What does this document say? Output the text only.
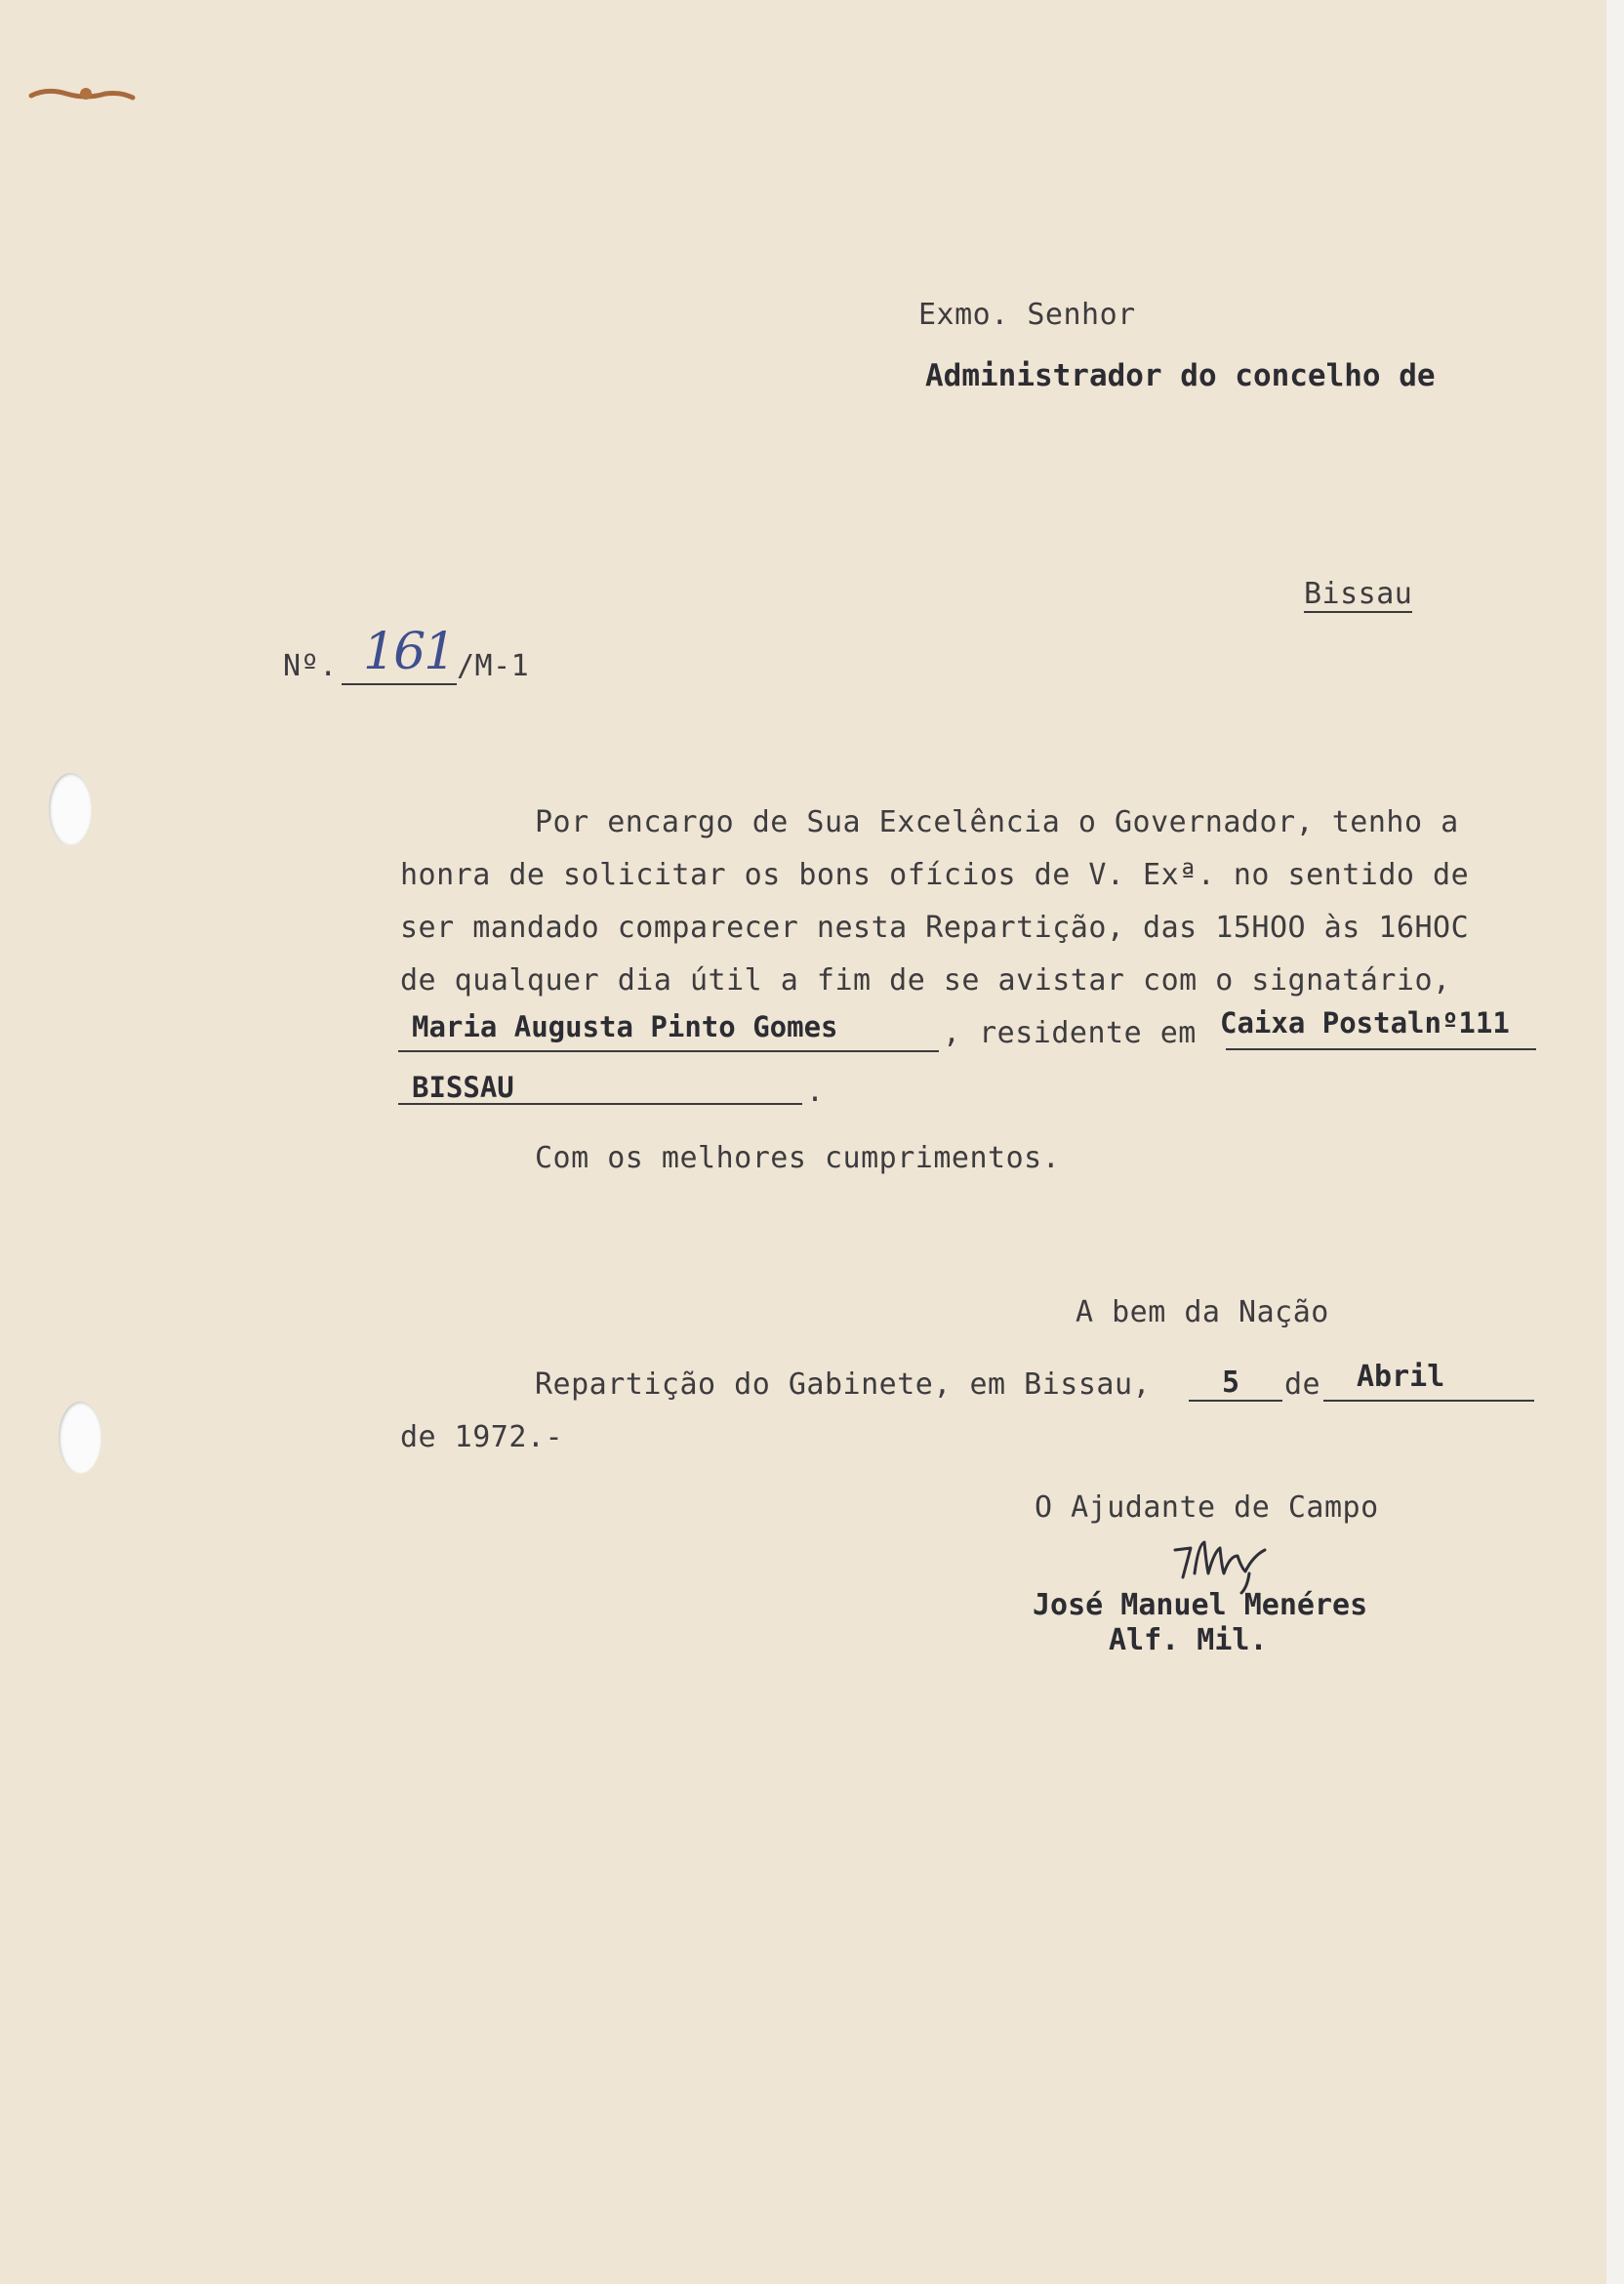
Exmo. Senhor
Administrador do concelho de
Bissau
Nº. 161 /M-1
Por encargo de Sua Excelência o Governador, tenho a
honra de solicitar os bons ofícios de V. Exª. no sentido de
ser mandado comparecer nesta Repartição, das 15HOO às 16HOC
de qualquer dia útil a fim de se avistar com o signatário,
Maria Augusta Pinto Gomes	, residente em Caixa Postalnº111
BISSAU	.
Com os melhores cumprimentos.
A bem da Nação
Repartição do Gabinete, em Bissau, 5 de Abril
de 1972.-
O Ajudante de Campo
José Manuel Menéres
Alf. Mil.
